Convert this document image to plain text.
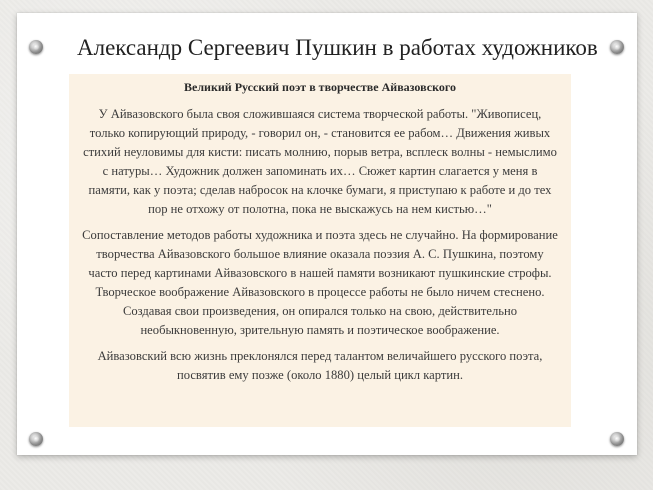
Александр Сергеевич Пушкин в работах художников

Великий Русский поэт в творчестве Айвазовского

У Айвазовского была своя сложившаяся система творческой работы. "Живописец, только копирующий природу, - говорил он, - становится ее рабом… Движения живых стихий неуловимы для кисти: писать молнию, порыв ветра, всплеск волны - немыслимо с натуры… Художник должен запоминать их… Сюжет картин слагается у меня в памяти, как у поэта; сделав набросок на клочке бумаги, я приступаю к работе и до тех пор не отхожу от полотна, пока не выскажусь на нем кистью…"

Сопоставление методов работы художника и поэта здесь не случайно. На формирование творчества Айвазовского большое влияние оказала поэзия А. С. Пушкина, поэтому часто перед картинами Айвазовского в нашей памяти возникают пушкинские строфы. Творческое воображение Айвазовского в процессе работы не было ничем стеснено. Создавая свои произведения, он опирался только на свою, действительно необыкновенную, зрительную память и поэтическое воображение.

Айвазовский всю жизнь преклонялся перед талантом величайшего русского поэта, посвятив ему позже (около 1880) целый цикл картин.
